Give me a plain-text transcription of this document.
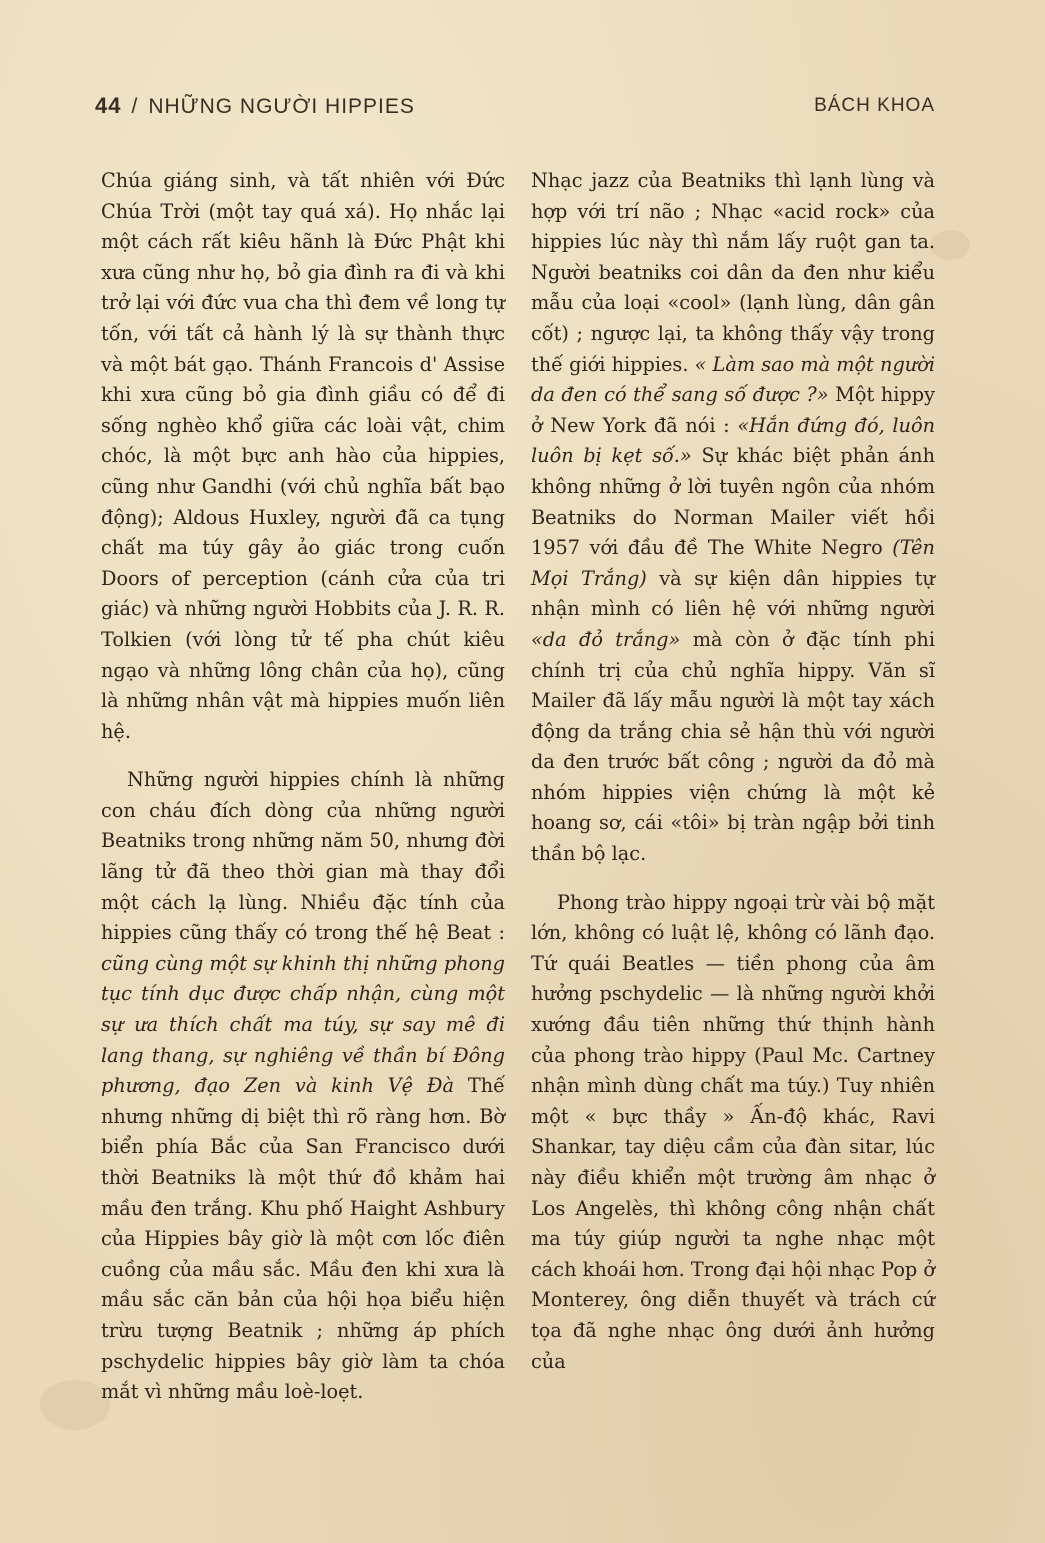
44 / NHỮNG NGƯỜI HIPPIES	BÁCH KHOA

Chúa giáng sinh, và tất nhiên với Đức Chúa Trời (một tay quá xá). Họ nhắc lại một cách rất kiêu hãnh là Đức Phật khi xưa cũng như họ, bỏ gia đình ra đi và khi trở lại với đức vua cha thì đem về long tự tốn, với tất cả hành lý là sự thành thực và một bát gạo. Thánh Francois d' Assise khi xưa cũng bỏ gia đình giầu có để đi sống nghèo khổ giữa các loài vật, chim chóc, là một bực anh hào của hippies, cũng như Gandhi (với chủ nghĩa bất bạo động); Aldous Huxley, người đã ca tụng chất ma túy gây ảo giác trong cuốn Doors of perception (cánh cửa của tri giác) và những người Hobbits của J. R. R. Tolkien (với lòng tử tế pha chút kiêu ngạo và những lông chân của họ), cũng là những nhân vật mà hippies muốn liên hệ.

Những người hippies chính là những con cháu đích dòng của những người Beatniks trong những năm 50, nhưng đời lãng tử đã theo thời gian mà thay đổi một cách lạ lùng. Nhiều đặc tính của hippies cũng thấy có trong thế hệ Beat : cũng cùng một sự khinh thị những phong tục tính dục được chấp nhận, cùng một sự ưa thích chất ma túy, sự say mê đi lang thang, sự nghiêng về thần bí Đông phương, đạo Zen và kinh Vệ Đà Thế nhưng những dị biệt thì rõ ràng hơn. Bờ biển phía Bắc của San Francisco dưới thời Beatniks là một thứ đồ khảm hai mầu đen trắng. Khu phố Haight Ashbury của Hippies bây giờ là một cơn lốc điên cuồng của mầu sắc. Mầu đen khi xưa là mầu sắc căn bản của hội họa biểu hiện trừu tượng Beatnik ; những áp phích pschydelic hippies bây giờ làm ta chóa mắt vì những mầu loè-loẹt.

Nhạc jazz của Beatniks thì lạnh lùng và hợp với trí não ; Nhạc «acid rock» của hippies lúc này thì nắm lấy ruột gan ta. Người beatniks coi dân da đen như kiểu mẫu của loại «cool» (lạnh lùng, dân gân cốt) ; ngược lại, ta không thấy vậy trong thế giới hippies. « Làm sao mà một người da đen có thể sang số được ?» Một hippy ở New York đã nói : «Hắn đứng đó, luôn luôn bị kẹt số.» Sự khác biệt phản ánh không những ở lời tuyên ngôn của nhóm Beatniks do Norman Mailer viết hồi 1957 với đầu đề The White Negro (Tên Mọi Trắng) và sự kiện dân hippies tự nhận mình có liên hệ với những người «da đỏ trắng» mà còn ở đặc tính phi chính trị của chủ nghĩa hippy. Văn sĩ Mailer đã lấy mẫu người là một tay xách động da trắng chia sẻ hận thù với người da đen trước bất công ; người da đỏ mà nhóm hippies viện chứng là một kẻ hoang sơ, cái «tôi» bị tràn ngập bởi tinh thần bộ lạc.

Phong trào hippy ngoại trừ vài bộ mặt lớn, không có luật lệ, không có lãnh đạo. Tứ quái Beatles — tiền phong của âm hưởng pschydelic — là những người khởi xướng đầu tiên những thứ thịnh hành của phong trào hippy (Paul Mc. Cartney nhận mình dùng chất ma túy.) Tuy nhiên một « bực thầy » Ấn-độ khác, Ravi Shankar, tay diệu cầm của đàn sitar, lúc này điều khiển một trường âm nhạc ở Los Angelès, thì không công nhận chất ma túy giúp người ta nghe nhạc một cách khoái hơn. Trong đại hội nhạc Pop ở Monterey, ông diễn thuyết và trách cứ tọa đã nghe nhạc ông dưới ảnh hưởng của
